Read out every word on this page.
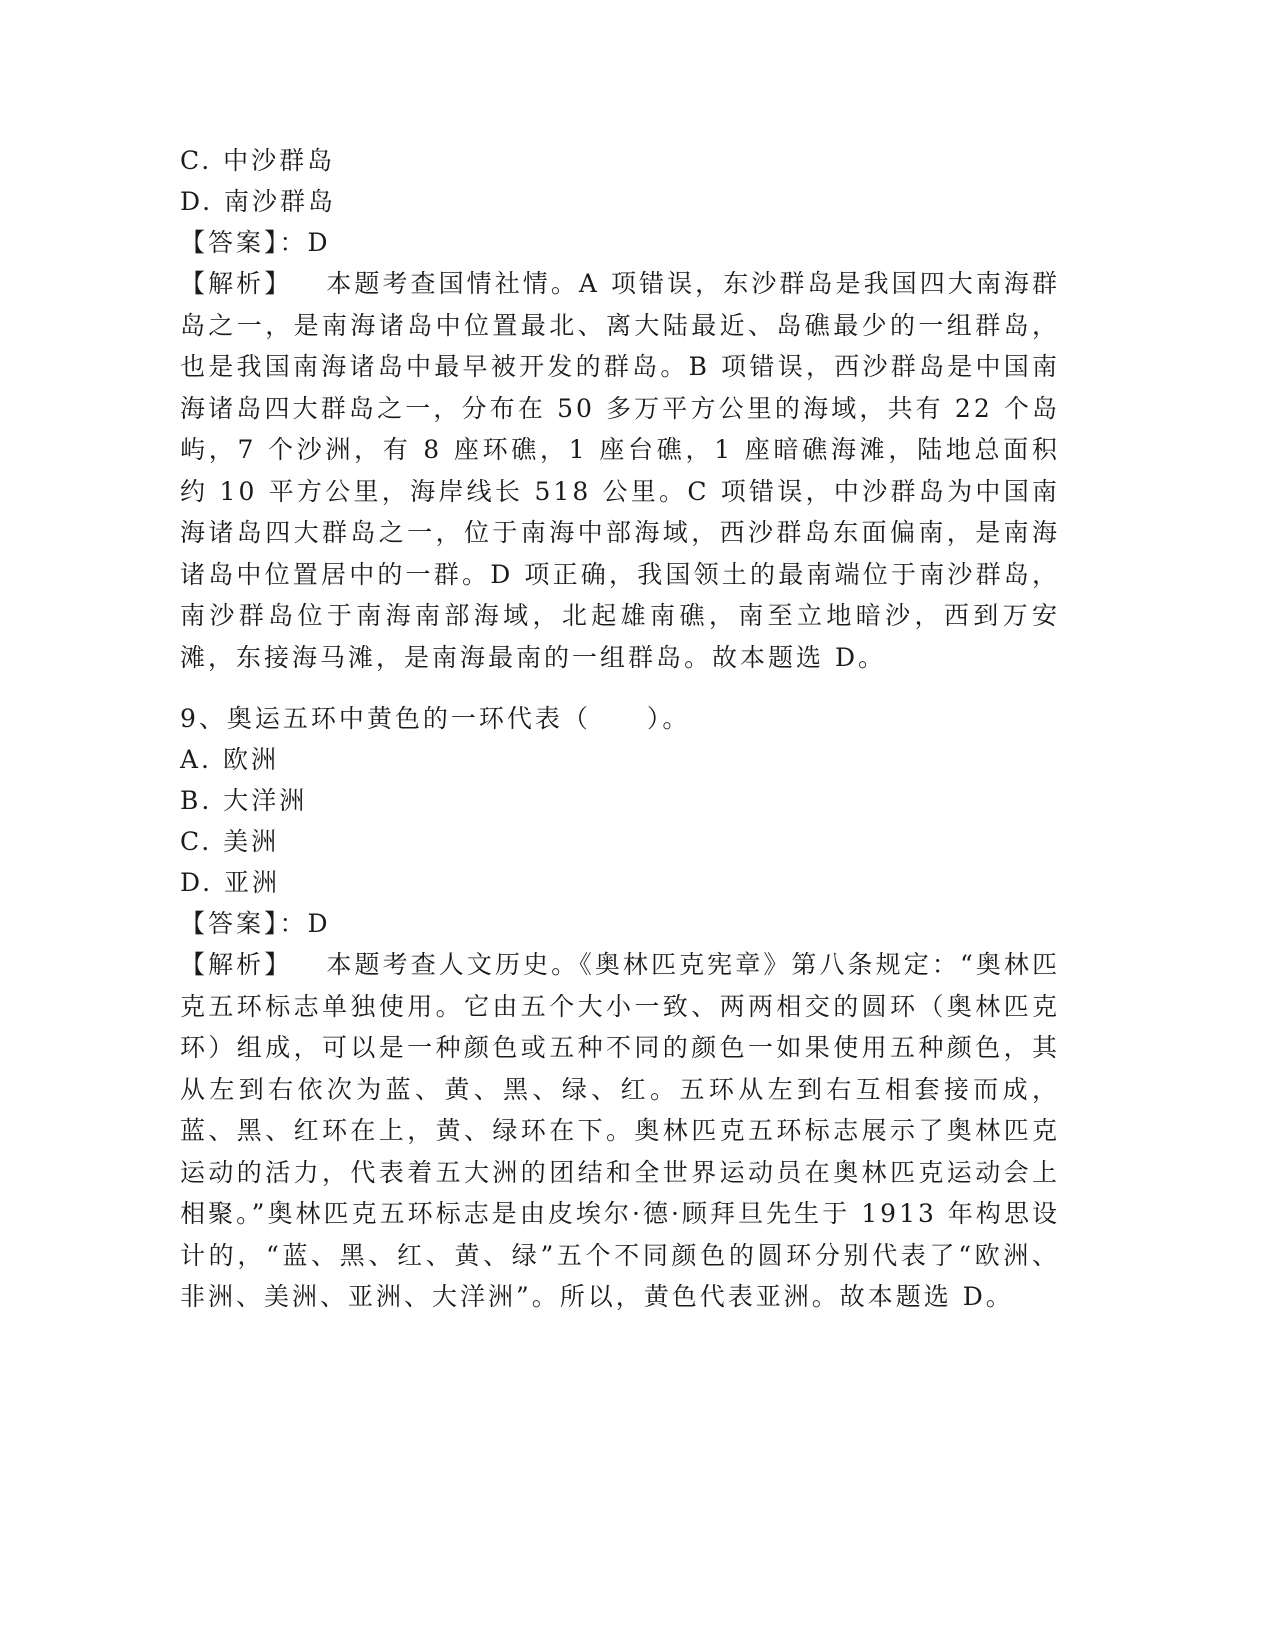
C. 中沙群岛

D. 南沙群岛

【答案】：D

【解析】 本题考查国情社情。A 项错误，东沙群岛是我国四大南海群岛之一，是南海诸岛中位置最北、离大陆最近、岛礁最少的一组群岛，也是我国南海诸岛中最早被开发的群岛。B 项错误，西沙群岛是中国南海诸岛四大群岛之一，分布在 50 多万平方公里的海域，共有 22 个岛屿，7 个沙洲，有 8 座环礁，1 座台礁，1 座暗礁海滩，陆地总面积约 10 平方公里，海岸线长 518 公里。C 项错误，中沙群岛为中国南海诸岛四大群岛之一，位于南海中部海域，西沙群岛东面偏南，是南海诸岛中位置居中的一群。D 项正确，我国领土的最南端位于南沙群岛，南沙群岛位于南海南部海域，北起雄南礁，南至立地暗沙，西到万安滩，东接海马滩，是南海最南的一组群岛。故本题选 D。

9、奥运五环中黄色的一环代表（　　）。

A. 欧洲

B. 大洋洲

C. 美洲

D. 亚洲

【答案】：D

【解析】 本题考查人文历史。《奥林匹克宪章》第八条规定：“奥林匹克五环标志单独使用。它由五个大小一致、两两相交的圆环（奥林匹克环）组成，可以是一种颜色或五种不同的颜色一如果使用五种颜色，其从左到右依次为蓝、黄、黑、绿、红。五环从左到右互相套接而成，蓝、黑、红环在上，黄、绿环在下。奥林匹克五环标志展示了奥林匹克运动的活力，代表着五大洲的团结和全世界运动员在奥林匹克运动会上相聚。”奥林匹克五环标志是由皮埃尔·德·顾拜旦先生于 1913 年构思设计的，“蓝、黑、红、黄、绿”五个不同颜色的圆环分别代表了“欧洲、非洲、美洲、亚洲、大洋洲”。所以，黄色代表亚洲。故本题选 D。
